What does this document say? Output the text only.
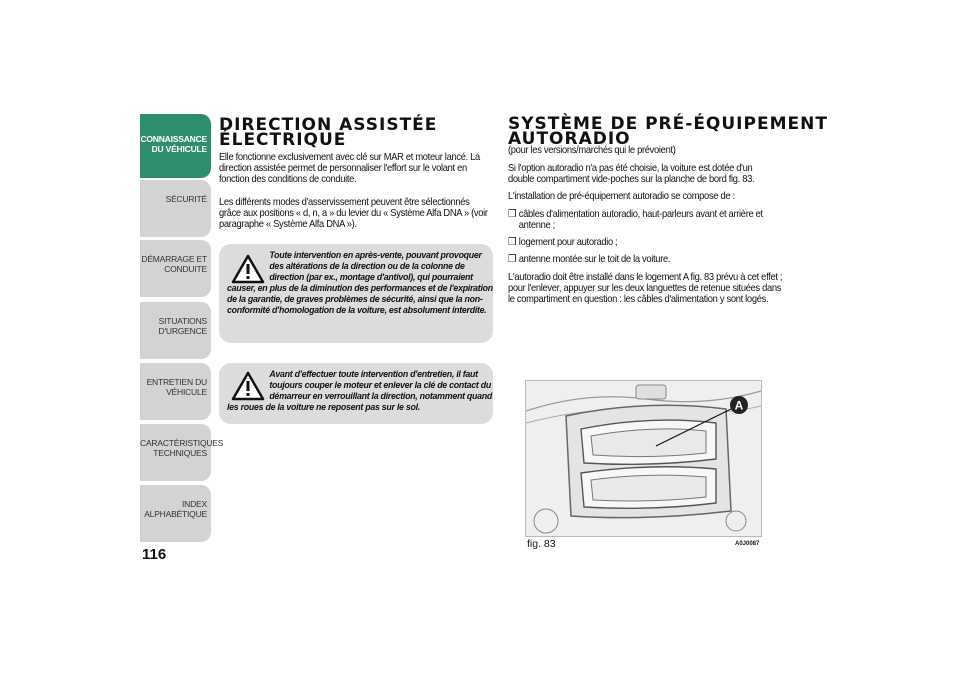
CONNAISSANCE
DU VÉHICULE
SÉCURITÉ
DÉMARRAGE ET
CONDUITE
SITUATIONS
D'URGENCE
ENTRETIEN DU
VÉHICULE
CARACTÉRISTIQUES
TECHNIQUES
INDEX
ALPHABÉTIQUE
116
DIRECTION ASSISTÉE
ÉLECTRIQUE
Elle fonctionne exclusivement avec clé sur MAR et moteur lancé. La direction assistée permet de personnaliser l'effort sur le volant en fonction des conditions de conduite.
Les différents modes d'asservissement peuvent être sélectionnés grâce aux positions « d, n, a » du levier du « Système Alfa DNA » (voir paragraphe « Système Alfa DNA »).
Toute intervention en après-vente, pouvant provoquer des altérations de la direction ou de la colonne de direction (par ex., montage d'antivol), qui pourraient causer, en plus de la diminution des performances et de l'expiration de la garantie, de graves problèmes de sécurité, ainsi que la non-conformité d'homologation de la voiture, est absolument interdite.
Avant d'effectuer toute intervention d'entretien, il faut toujours couper le moteur et enlever la clé de contact du démarreur en verrouillant la direction, notamment quand les roues de la voiture ne reposent pas sur le sol.
SYSTÈME DE PRÉ-ÉQUIPEMENT
AUTORADIO
(pour les versions/marchés qui le prévoient)
Si l'option autoradio n'a pas été choisie, la voiture est dotée d'un double compartiment vide-poches sur la planche de bord fig. 83.
L'installation de pré-équipement autoradio se compose de :
❒ câbles d'alimentation autoradio, haut-parleurs avant et arrière et antenne ;
❒ logement pour autoradio ;
❒ antenne montée sur le toit de la voiture.
L'autoradio doit être installé dans le logement A fig. 83 prévu à cet effet ; pour l'enlever, appuyer sur les deux languettes de retenue situées dans le compartiment en question : les câbles d'alimentation y sont logés.
A
fig. 83	A0J0087
